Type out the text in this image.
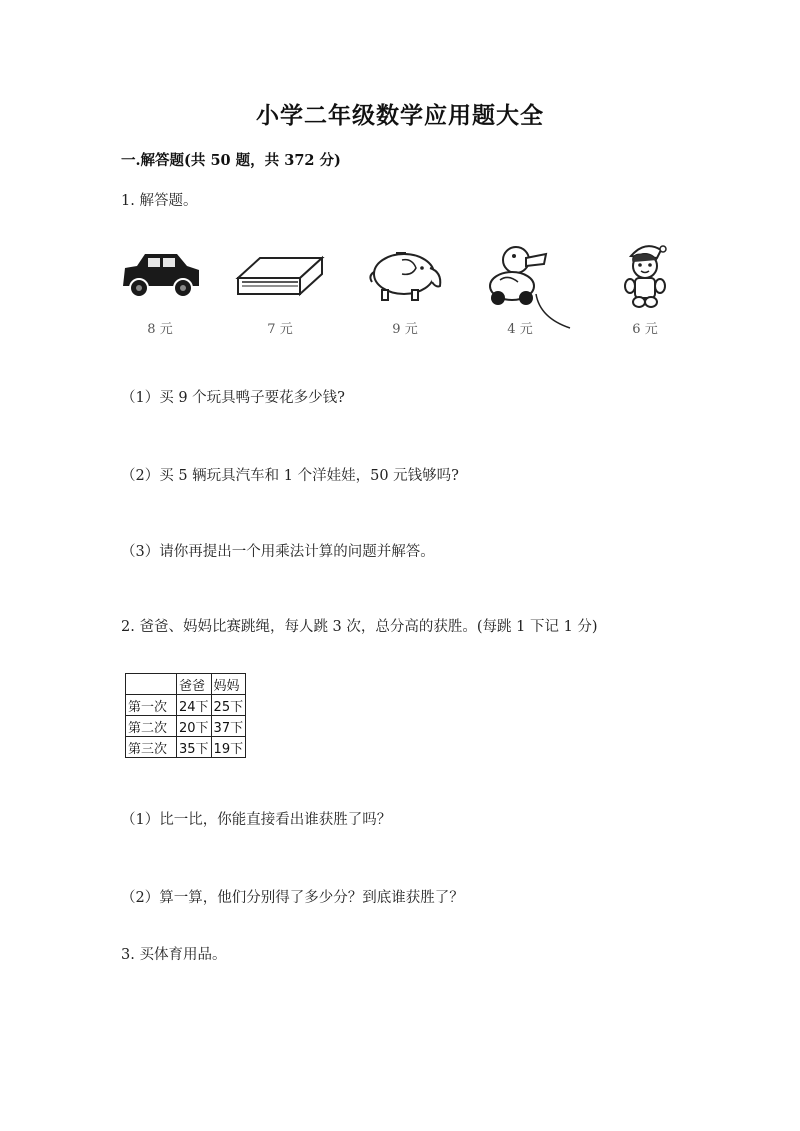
小学二年级数学应用题大全
一.解答题(共 50 题，共 372 分)
1. 解答题。
8 元	7 元	9 元	4 元	6 元
（1）买 9 个玩具鸭子要花多少钱?
（2）买 5 辆玩具汽车和 1 个洋娃娃，50 元钱够吗?
（3）请你再提出一个用乘法计算的问题并解答。
2. 爸爸、妈妈比赛跳绳，每人跳 3 次，总分高的获胜。(每跳 1 下记 1 分)
	爸爸	妈妈
第一次	24下	25下
第二次	20下	37下
第三次	35下	19下
（1）比一比，你能直接看出谁获胜了吗？
（2）算一算，他们分别得了多少分？到底谁获胜了？
3. 买体育用品。
